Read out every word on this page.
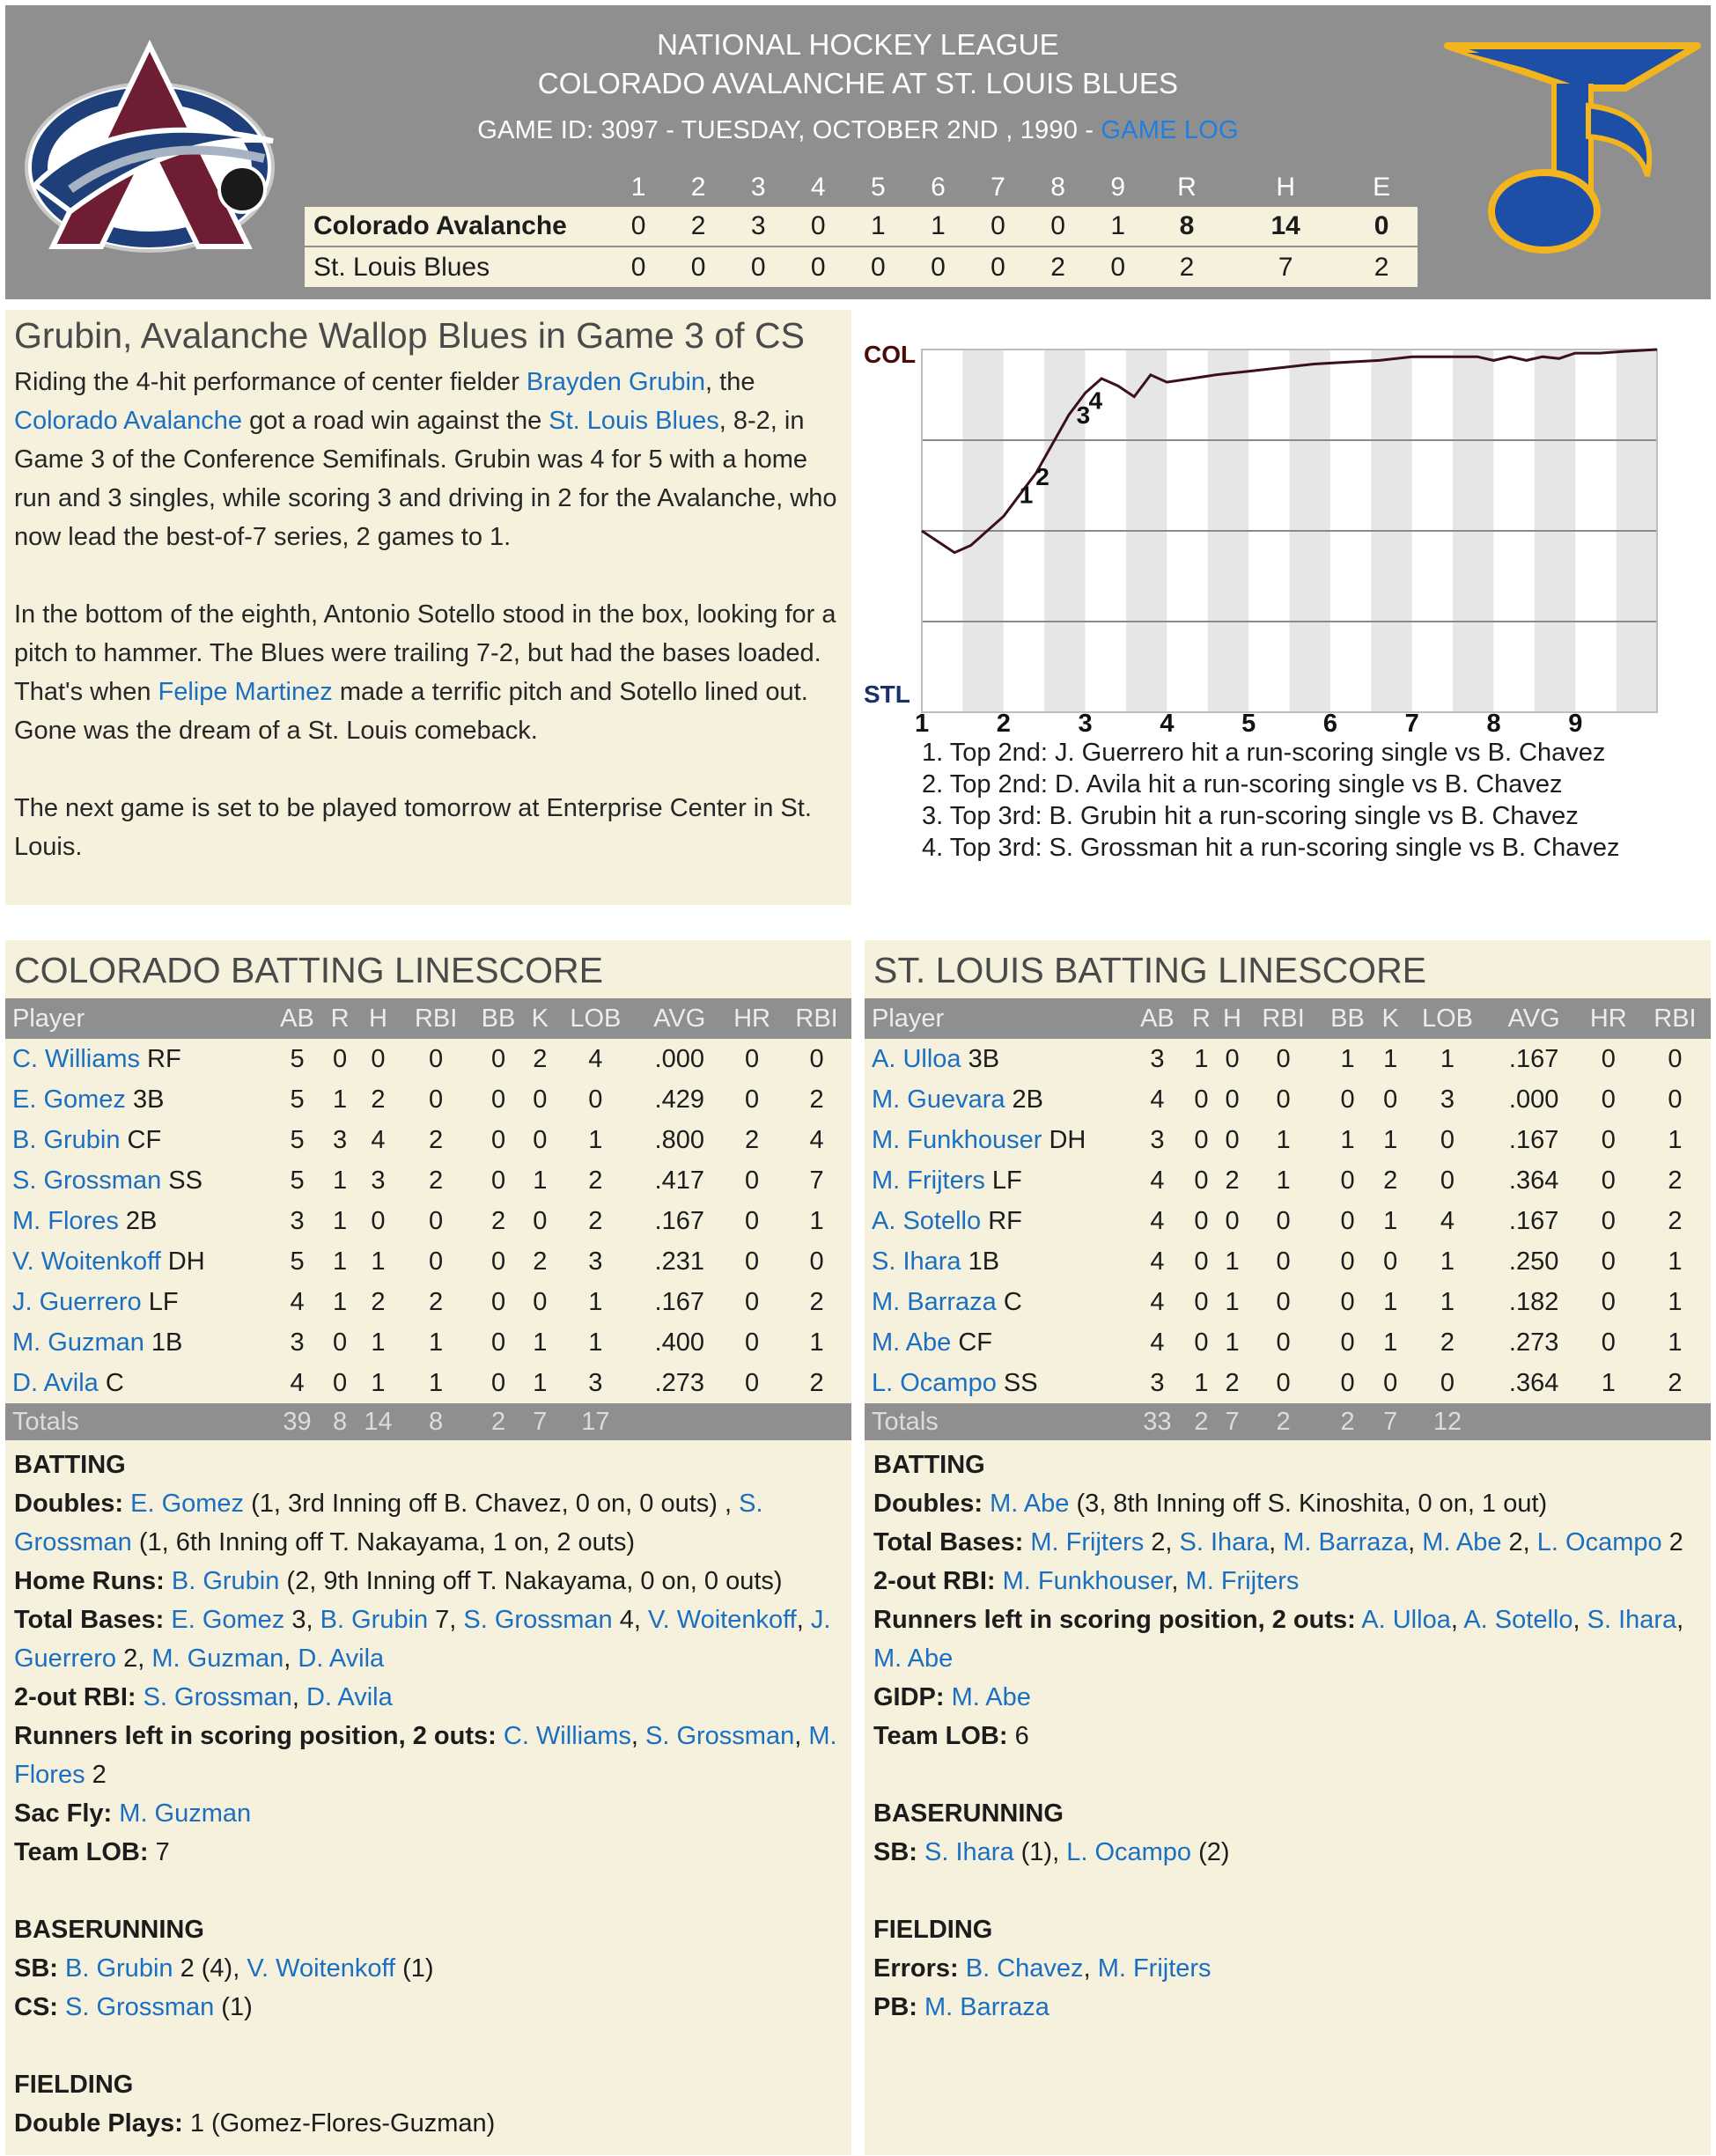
NATIONAL HOCKEY LEAGUE
COLORADO AVALANCHE AT ST. LOUIS BLUES
GAME ID: 3097 - TUESDAY, OCTOBER 2ND , 1990 - GAME LOG
	1	2	3	4	5	6	7	8	9	R	H	E
Colorado Avalanche	0	2	3	0	1	1	0	0	1	8	14	0
St. Louis Blues	0	0	0	0	0	0	0	2	0	2	7	2
Grubin, Avalanche Wallop Blues in Game 3 of CS

Riding the 4-hit performance of center fielder Brayden Grubin, the Colorado Avalanche got a road win against the St. Louis Blues, 8-2, in Game 3 of the Conference Semifinals. Grubin was 4 for 5 with a home run and 3 singles, while scoring 3 and driving in 2 for the Avalanche, who now lead the best-of-7 series, 2 games to 1.

In the bottom of the eighth, Antonio Sotello stood in the box, looking for a pitch to hammer. The Blues were trailing 7-2, but had the bases loaded. That's when Felipe Martinez made a terrific pitch and Sotello lined out. Gone was the dream of a St. Louis comeback.

The next game is set to be played tomorrow at Enterprise Center in St. Louis.

COL
STL
1
2
3
4
1	2	3	4	5	6	7	8	9
1. Top 2nd: J. Guerrero hit a run-scoring single vs B. Chavez
2. Top 2nd: D. Avila hit a run-scoring single vs B. Chavez
3. Top 3rd: B. Grubin hit a run-scoring single vs B. Chavez
4. Top 3rd: S. Grossman hit a run-scoring single vs B. Chavez
COLORADO BATTING LINESCORE
Player	AB	R	H	RBI	BB	K	LOB	AVG	HR	RBI
C. Williams RF	5	0	0	0	0	2	4	.000	0	0
E. Gomez 3B	5	1	2	0	0	0	0	.429	0	2
B. Grubin CF	5	3	4	2	0	0	1	.800	2	4
S. Grossman SS	5	1	3	2	0	1	2	.417	0	7
M. Flores 2B	3	1	0	0	2	0	2	.167	0	1
V. Woitenkoff DH	5	1	1	0	0	2	3	.231	0	0
J. Guerrero LF	4	1	2	2	0	0	1	.167	0	2
M. Guzman 1B	3	0	1	1	0	1	1	.400	0	1
D. Avila C	4	0	1	1	0	1	3	.273	0	2
Totals	39	8	14	8	2	7	17			
BATTING
Doubles: E. Gomez (1, 3rd Inning off B. Chavez, 0 on, 0 outs) , S. Grossman (1, 6th Inning off T. Nakayama, 1 on, 2 outs)
Home Runs: B. Grubin (2, 9th Inning off T. Nakayama, 0 on, 0 outs)
Total Bases: E. Gomez 3, B. Grubin 7, S. Grossman 4, V. Woitenkoff, J. Guerrero 2, M. Guzman, D. Avila
2-out RBI: S. Grossman, D. Avila
Runners left in scoring position, 2 outs: C. Williams, S. Grossman, M. Flores 2
Sac Fly: M. Guzman
Team LOB: 7
BASERUNNING
SB: B. Grubin 2 (4), V. Woitenkoff (1)
CS: S. Grossman (1)
FIELDING
Double Plays: 1 (Gomez-Flores-Guzman)
ST. LOUIS BATTING LINESCORE
Player	AB	R	H	RBI	BB	K	LOB	AVG	HR	RBI
A. Ulloa 3B	3	1	0	0	1	1	1	.167	0	0
M. Guevara 2B	4	0	0	0	0	0	3	.000	0	0
M. Funkhouser DH	3	0	0	1	1	1	0	.167	0	1
M. Frijters LF	4	0	2	1	0	2	0	.364	0	2
A. Sotello RF	4	0	0	0	0	1	4	.167	0	2
S. Ihara 1B	4	0	1	0	0	0	1	.250	0	1
M. Barraza C	4	0	1	0	0	1	1	.182	0	1
M. Abe CF	4	0	1	0	0	1	2	.273	0	1
L. Ocampo SS	3	1	2	0	0	0	0	.364	1	2
Totals	33	2	7	2	2	7	12			
BATTING
Doubles: M. Abe (3, 8th Inning off S. Kinoshita, 0 on, 1 out)
Total Bases: M. Frijters 2, S. Ihara, M. Barraza, M. Abe 2, L. Ocampo 2
2-out RBI: M. Funkhouser, M. Frijters
Runners left in scoring position, 2 outs: A. Ulloa, A. Sotello, S. Ihara, M. Abe
GIDP: M. Abe
Team LOB: 6
BASERUNNING
SB: S. Ihara (1), L. Ocampo (2)
FIELDING
Errors: B. Chavez, M. Frijters
PB: M. Barraza
